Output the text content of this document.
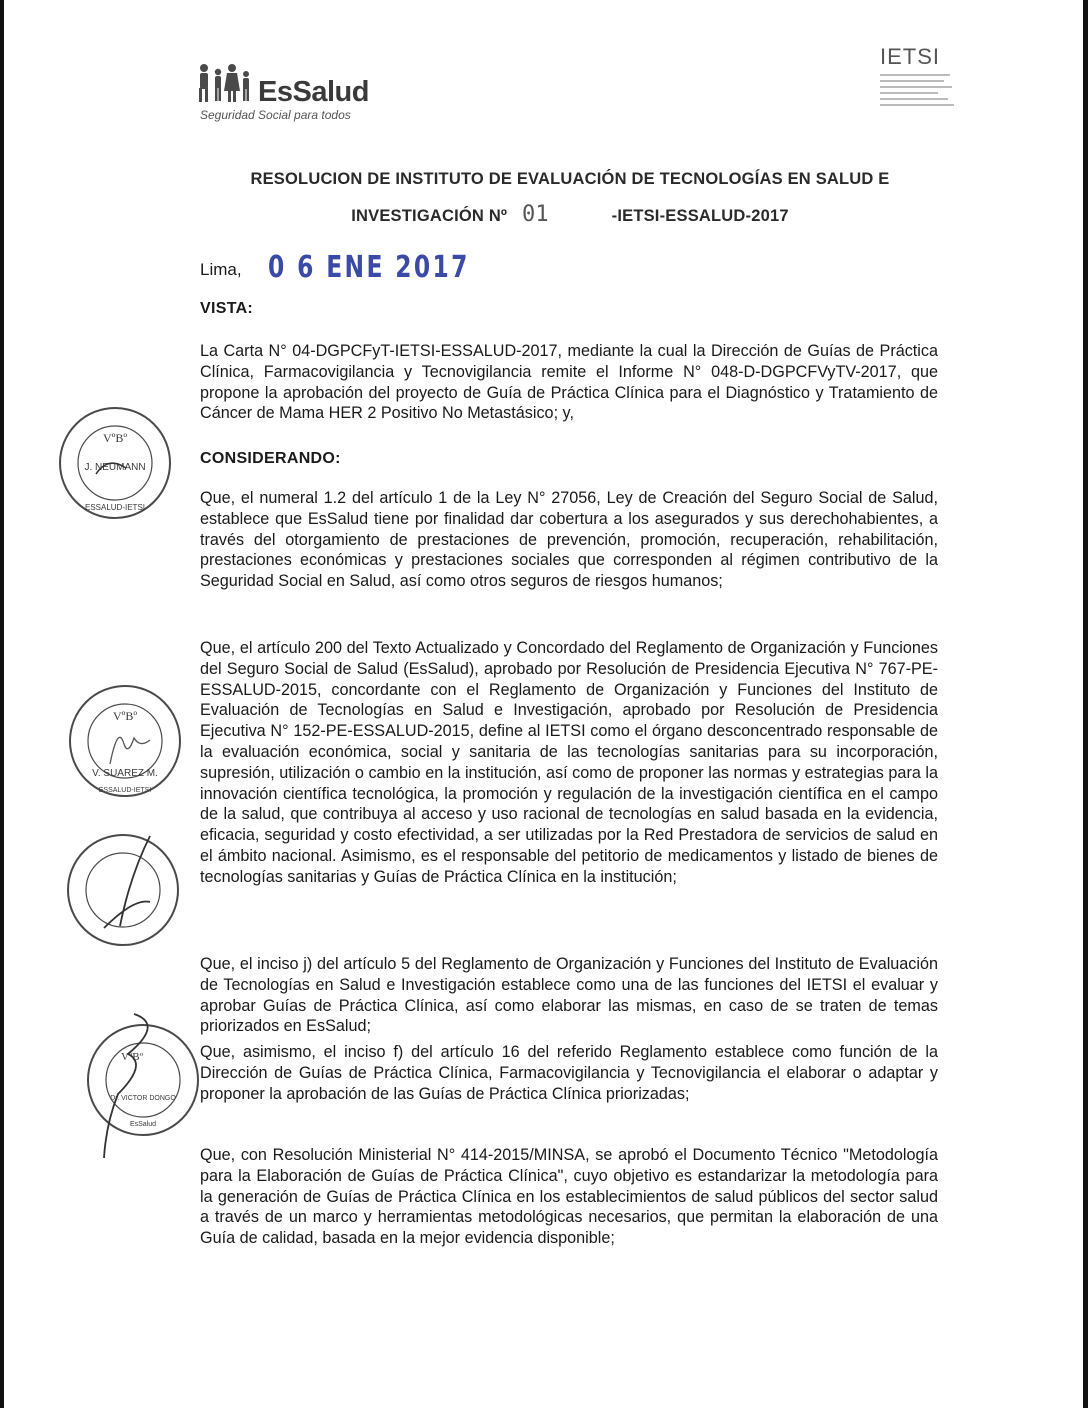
EsSalud
Seguridad Social para todos
IETSI
RESOLUCION DE INSTITUTO DE EVALUACIÓN DE TECNOLOGÍAS EN SALUD E
INVESTIGACIÓN Nº 01	-IETSI-ESSALUD-2017
Lima, 0 6 ENE 2017
VISTA:
La Carta N° 04-DGPCFyT-IETSI-ESSALUD-2017, mediante la cual la Dirección de Guías de Práctica Clínica, Farmacovigilancia y Tecnovigilancia remite el Informe N° 048-D-DGPCFVyTV-2017, que propone la aprobación del proyecto de Guía de Práctica Clínica para el Diagnóstico y Tratamiento de Cáncer de Mama HER 2 Positivo No Metastásico; y,
CONSIDERANDO:
Que, el numeral 1.2 del artículo 1 de la Ley N° 27056, Ley de Creación del Seguro Social de Salud, establece que EsSalud tiene por finalidad dar cobertura a los asegurados y sus derechohabientes, a través del otorgamiento de prestaciones de prevención, promoción, recuperación, rehabilitación, prestaciones económicas y prestaciones sociales que corresponden al régimen contributivo de la Seguridad Social en Salud, así como otros seguros de riesgos humanos;
Que, el artículo 200 del Texto Actualizado y Concordado del Reglamento de Organización y Funciones del Seguro Social de Salud (EsSalud), aprobado por Resolución de Presidencia Ejecutiva N° 767-PE-ESSALUD-2015, concordante con el Reglamento de Organización y Funciones del Instituto de Evaluación de Tecnologías en Salud e Investigación, aprobado por Resolución de Presidencia Ejecutiva N° 152-PE-ESSALUD-2015, define al IETSI como el órgano desconcentrado responsable de la evaluación económica, social y sanitaria de las tecnologías sanitarias para su incorporación, supresión, utilización o cambio en la institución, así como de proponer las normas y estrategias para la innovación científica tecnológica, la promoción y regulación de la investigación científica en el campo de la salud, que contribuya al acceso y uso racional de tecnologías en salud basada en la evidencia, eficacia, seguridad y costo efectividad, a ser utilizadas por la Red Prestadora de servicios de salud en el ámbito nacional. Asimismo, es el responsable del petitorio de medicamentos y listado de bienes de tecnologías sanitarias y Guías de Práctica Clínica en la institución;
Que, el inciso j) del artículo 5 del Reglamento de Organización y Funciones del Instituto de Evaluación de Tecnologías en Salud e Investigación establece como una de las funciones del IETSI el evaluar y aprobar Guías de Práctica Clínica, así como elaborar las mismas, en caso de se traten de temas priorizados en EsSalud;
Que, asimismo, el inciso f) del artículo 16 del referido Reglamento establece como función de la Dirección de Guías de Práctica Clínica, Farmacovigilancia y Tecnovigilancia el elaborar o adaptar y proponer la aprobación de las Guías de Práctica Clínica priorizadas;
Que, con Resolución Ministerial N° 414-2015/MINSA, se aprobó el Documento Técnico "Metodología para la Elaboración de Guías de Práctica Clínica", cuyo objetivo es estandarizar la metodología para la generación de Guías de Práctica Clínica en los establecimientos de salud públicos del sector salud a través de un marco y herramientas metodológicas necesarios, que permitan la elaboración de una Guía de calidad, basada en la mejor evidencia disponible;
VºBº
J. NEUMANN
ESSALUD-IETSI
VºBº
V. SUAREZ M.
ESSALUD-IETSI
VºBº
Dr. VICTOR DONGO
EsSalud
